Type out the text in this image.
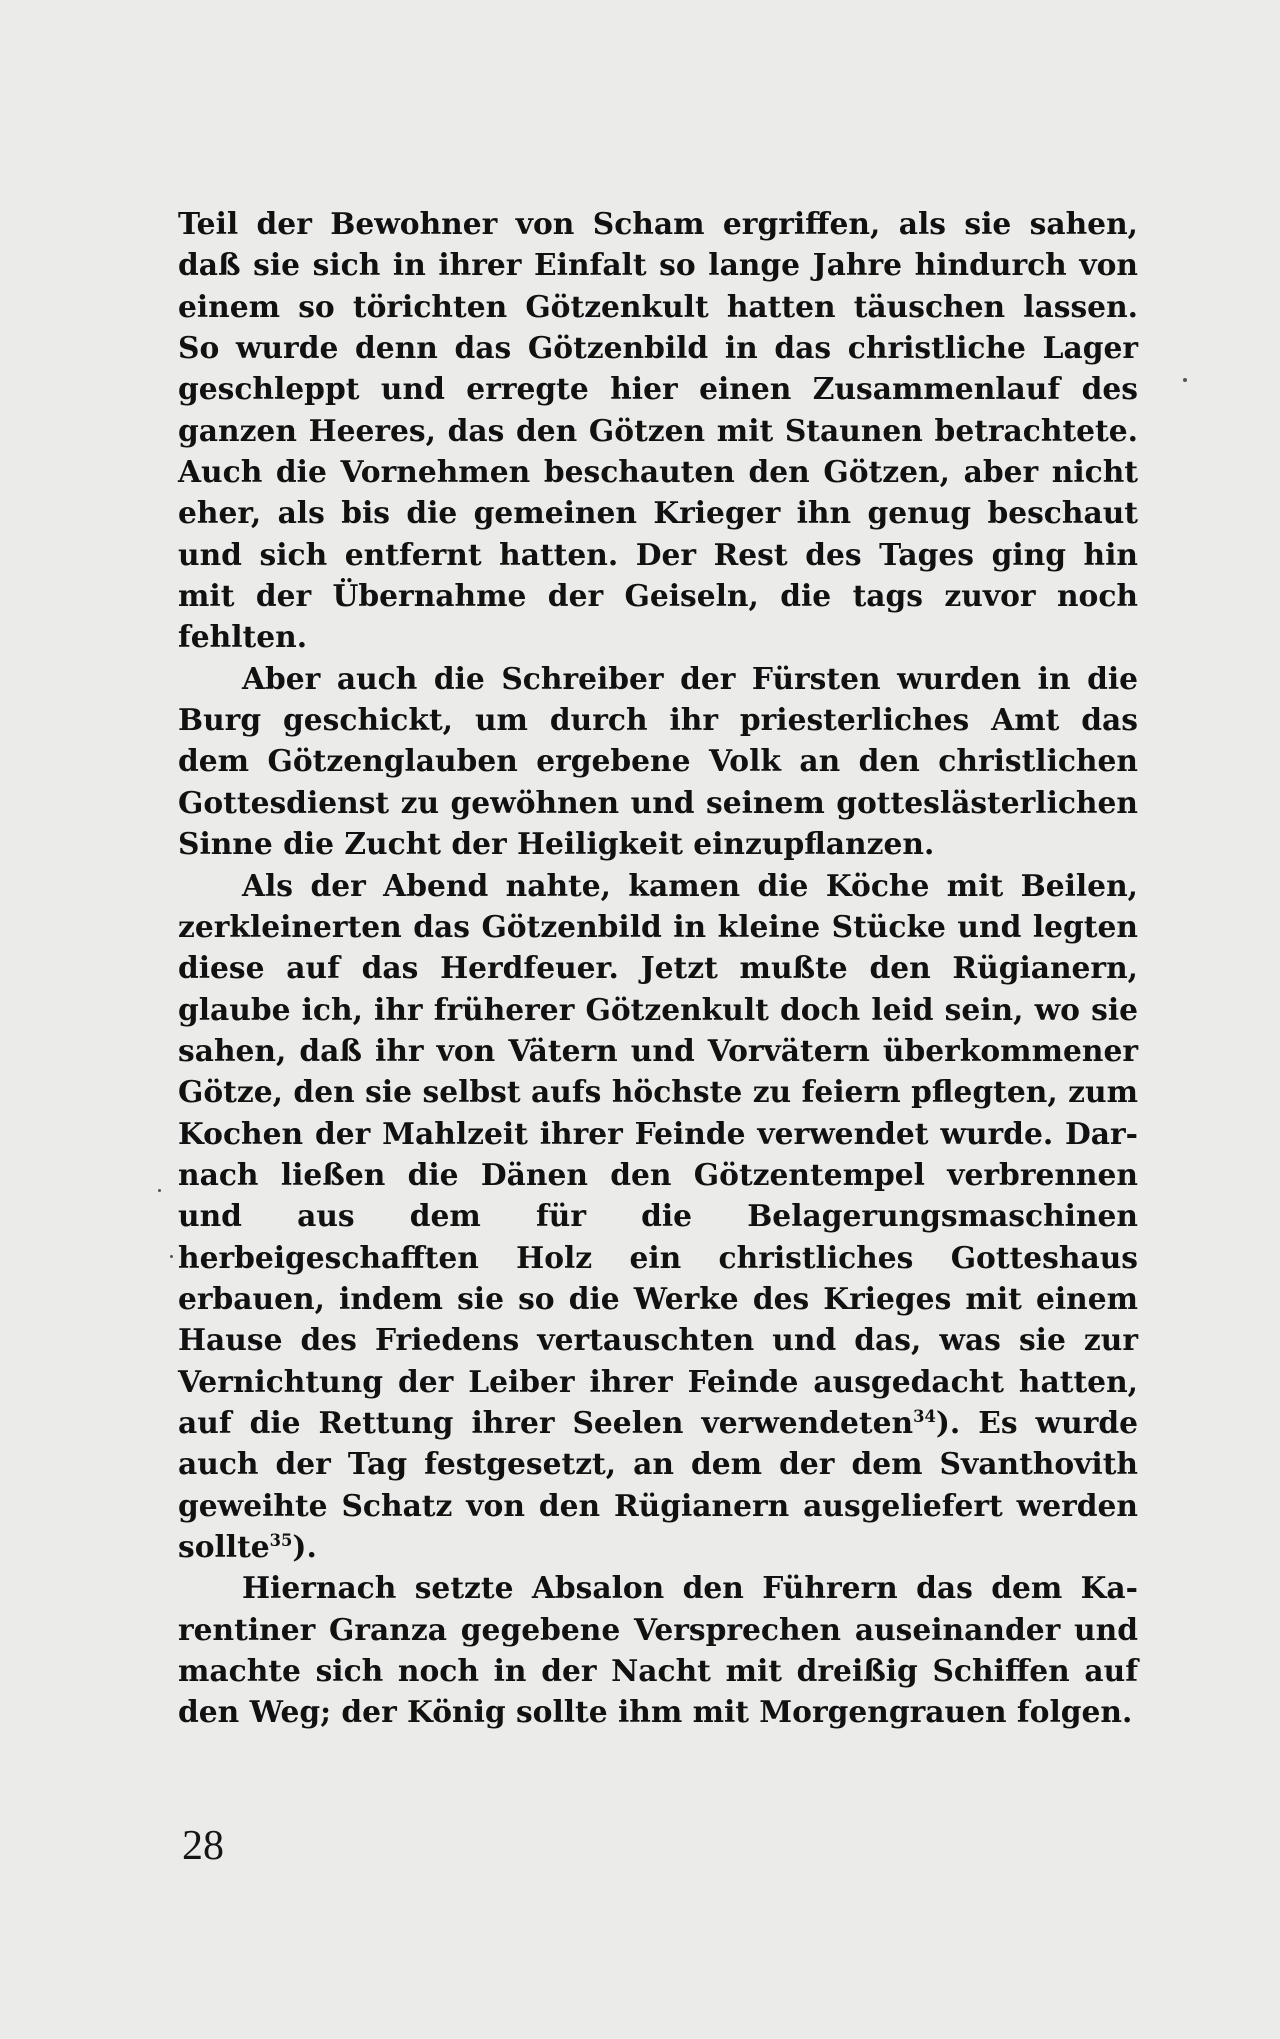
Teil der Bewohner von Scham ergriffen, als sie sahen, daß sie sich in ihrer Einfalt so lange Jahre hindurch von einem so törichten Götzenkult hatten täuschen lassen. So wurde denn das Götzenbild in das christliche Lager geschleppt und erregte hier einen Zusammenlauf des ganzen Heeres, das den Götzen mit Staunen betrachtete. Auch die Vornehmen beschauten den Götzen, aber nicht eher, als bis die gemeinen Krieger ihn genug beschaut und sich entfernt hatten. Der Rest des Tages ging hin mit der Übernahme der Geiseln, die tags zuvor noch fehlten.

Aber auch die Schreiber der Fürsten wurden in die Burg geschickt, um durch ihr priesterliches Amt das dem Götzenglauben ergebene Volk an den christlichen Gottesdienst zu gewöhnen und seinem gotteslästerlichen Sinne die Zucht der Heiligkeit einzupflanzen.

Als der Abend nahte, kamen die Köche mit Beilen, zerkleinerten das Götzenbild in kleine Stücke und legten diese auf das Herdfeuer. Jetzt mußte den Rügianern, glaube ich, ihr früherer Götzenkult doch leid sein, wo sie sahen, daß ihr von Vätern und Vorvätern überkommener Götze, den sie selbst aufs höchste zu feiern pflegten, zum Kochen der Mahlzeit ihrer Feinde verwendet wurde. Darnach ließen die Dänen den Götzentempel verbrennen und aus dem für die Belagerungsmaschinen herbeigeschafften Holz ein christliches Gotteshaus erbauen, indem sie so die Werke des Krieges mit einem Hause des Friedens vertauschten und das, was sie zur Vernichtung der Leiber ihrer Feinde ausgedacht hatten, auf die Rettung ihrer Seelen verwendeten$^{34}$). Es wurde auch der Tag festgesetzt, an dem der dem Svanthovith geweihte Schatz von den Rügianern ausgeliefert werden sollte$^{35}$).

Hiernach setzte Absalon den Führern das dem Karentiner Granza gegebene Versprechen auseinander und machte sich noch in der Nacht mit dreißig Schiffen auf den Weg; der König sollte ihm mit Morgengrauen folgen.

28
